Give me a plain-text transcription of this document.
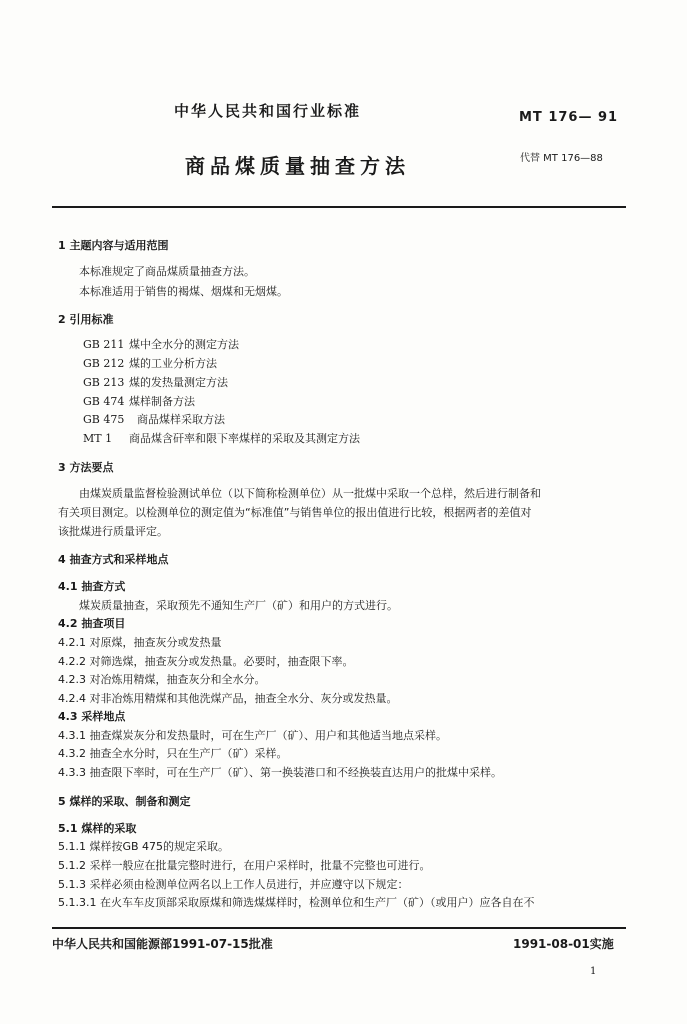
中华人民共和国行业标准	MT 176— 91
商品煤质量抽查方法	代替 MT 176—88
1 主题内容与适用范围
本标准规定了商品煤质量抽查方法。
本标准适用于销售的褐煤、烟煤和无烟煤。
2 引用标准
GB 211 煤中全水分的测定方法
GB 212 煤的工业分析方法
GB 213 煤的发热量测定方法
GB 474 煤样制备方法
GB 475 商品煤样采取方法
MT 1 商品煤含矸率和限下率煤样的采取及其测定方法
3 方法要点
由煤炭质量监督检验测试单位（以下简称检测单位）从一批煤中采取一个总样，然后进行制备和
有关项目测定。以检测单位的测定值为“标准值”与销售单位的报出值进行比较，根据两者的差值对
该批煤进行质量评定。
4 抽查方式和采样地点
4.1 抽查方式
煤炭质量抽查，采取预先不通知生产厂（矿）和用户的方式进行。
4.2 抽查项目
4.2.1 对原煤，抽查灰分或发热量
4.2.2 对筛选煤，抽查灰分或发热量。必要时，抽查限下率。
4.2.3 对冶炼用精煤，抽查灰分和全水分。
4.2.4 对非冶炼用精煤和其他洗煤产品，抽查全水分、灰分或发热量。
4.3 采样地点
4.3.1 抽查煤炭灰分和发热量时，可在生产厂（矿）、用户和其他适当地点采样。
4.3.2 抽查全水分时，只在生产厂（矿）采样。
4.3.3 抽查限下率时，可在生产厂（矿）、第一换装港口和不经换装直达用户的批煤中采样。
5 煤样的采取、制备和测定
5.1 煤样的采取
5.1.1 煤样按GB 475的规定采取。
5.1.2 采样一般应在批量完整时进行，在用户采样时，批量不完整也可进行。
5.1.3 采样必须由检测单位两名以上工作人员进行，并应遵守以下规定：
5.1.3.1 在火车车皮顶部采取原煤和筛选煤煤样时，检测单位和生产厂（矿）（或用户）应各自在不
中华人民共和国能源部1991-07-15批准	1991-08-01实施
1
